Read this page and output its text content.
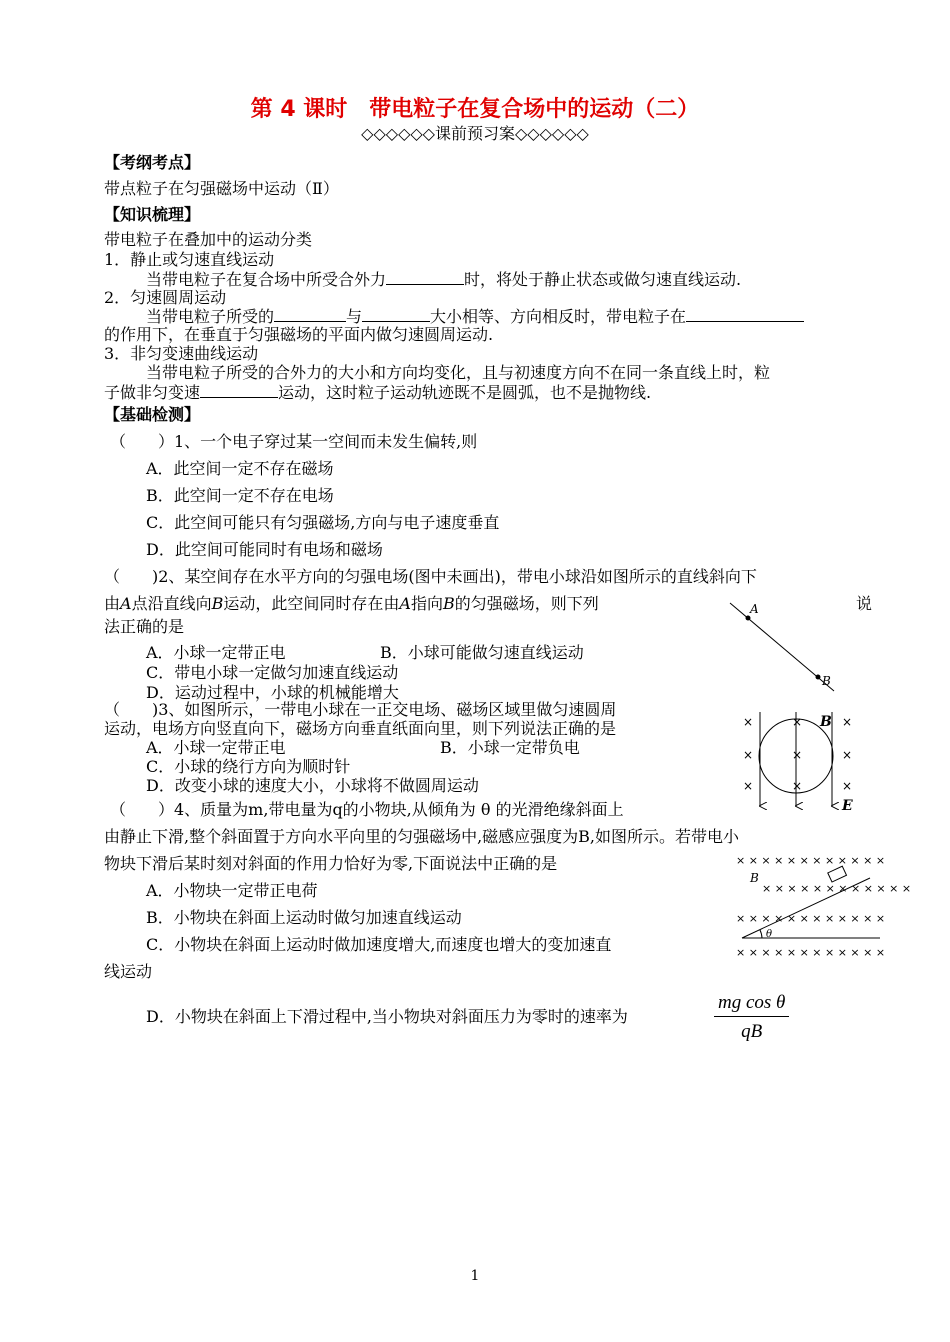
第 4 课时　带电粒子在复合场中的运动（二）
◇◇◇◇◇◇课前预习案◇◇◇◇◇◇
【考纲考点】
带点粒子在匀强磁场中运动（Ⅱ）
【知识梳理】
带电粒子在叠加中的运动分类
1．静止或匀速直线运动
当带电粒子在复合场中所受合外力	时，将处于静止状态或做匀速直线运动.
2．匀速圆周运动
当带电粒子所受的	与	大小相等、方向相反时，带电粒子在
的作用下，在垂直于匀强磁场的平面内做匀速圆周运动.
3．非匀变速曲线运动
当带电粒子所受的合外力的大小和方向均变化，且与初速度方向不在同一条直线上时，粒
子做非匀变速	运动，这时粒子运动轨迹既不是圆弧，也不是抛物线.
【基础检测】
（　　）1、一个电子穿过某一空间而未发生偏转,则
A．此空间一定不存在磁场
B．此空间一定不存在电场
C．此空间可能只有匀强磁场,方向与电子速度垂直
D．此空间可能同时有电场和磁场
（　　)2、某空间存在水平方向的匀强电场(图中未画出)，带电小球沿如图所示的直线斜向下
由A点沿直线向B运动，此空间同时存在由A指向B的匀强磁场，则下列	说
法正确的是
A．小球一定带正电	B．小球可能做匀速直线运动
C．带电小球一定做匀加速直线运动
D．运动过程中，小球的机械能增大
A
B
（　　)3、如图所示，一带电小球在一正交电场、磁场区域里做匀速圆周
运动，电场方向竖直向下，磁场方向垂直纸面向里，则下列说法正确的是
A．小球一定带正电	B．小球一定带负电
C．小球的绕行方向为顺时针
D．改变小球的速度大小，小球将不做圆周运动
×
×
×
×
×
×
×
×
×
B
E
（　　）4、质量为m,带电量为q的小物块,从倾角为 θ 的光滑绝缘斜面上
由静止下滑,整个斜面置于方向水平向里的匀强磁场中,磁感应强度为B,如图所示。若带电小
物块下滑后某时刻对斜面的作用力恰好为零,下面说法中正确的是
A．小物块一定带正电荷
B．小物块在斜面上运动时做匀加速直线运动
C．小物块在斜面上运动时做加速度增大,而速度也增大的变加速直
线运动
D．小物块在斜面上下滑过程中,当小物块对斜面压力为零时的速率为	$\frac{\text{mg cos θ}}{qB}$
× × × × × × × × × × × ×
× × × × × × × × × × × ×
× × × × × × × × × × × ×
× × × × × × × × × × × ×
B
θ
1
